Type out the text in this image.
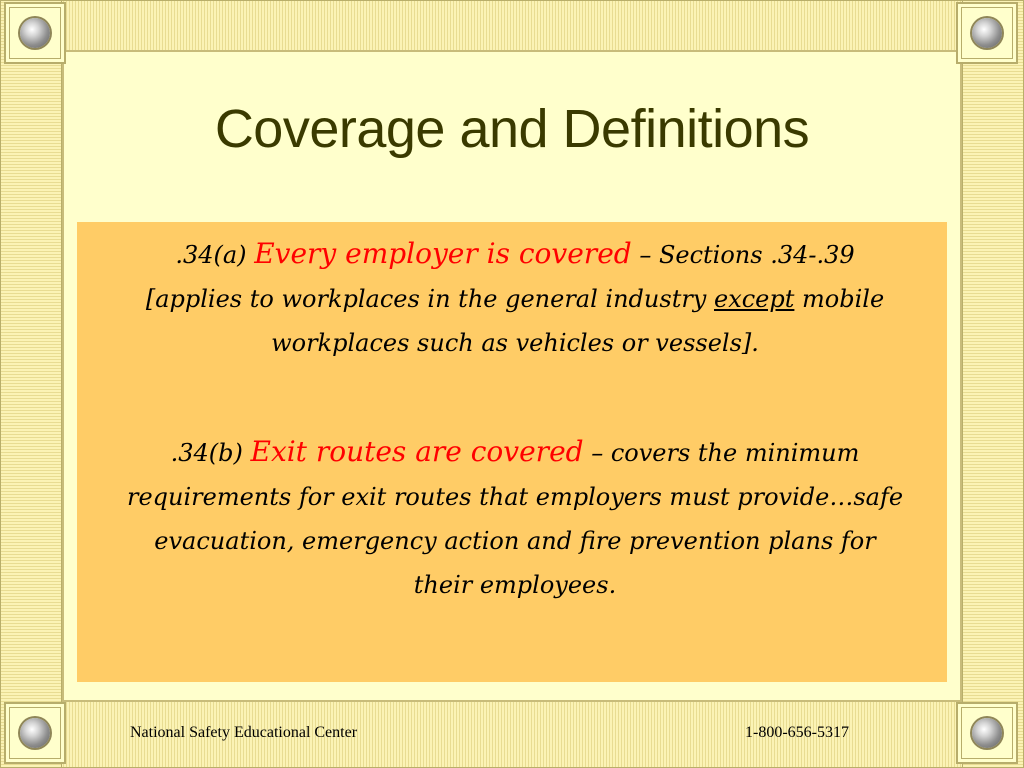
Coverage and Definitions
.34(a) Every employer is covered – Sections .34-.39 [applies to workplaces in the general industry except mobile workplaces such as vehicles or vessels].
.34(b) Exit routes are covered – covers the minimum requirements for exit routes that employers must provide…safe evacuation, emergency action and fire prevention plans for their employees.
National Safety Educational Center	1-800-656-5317
